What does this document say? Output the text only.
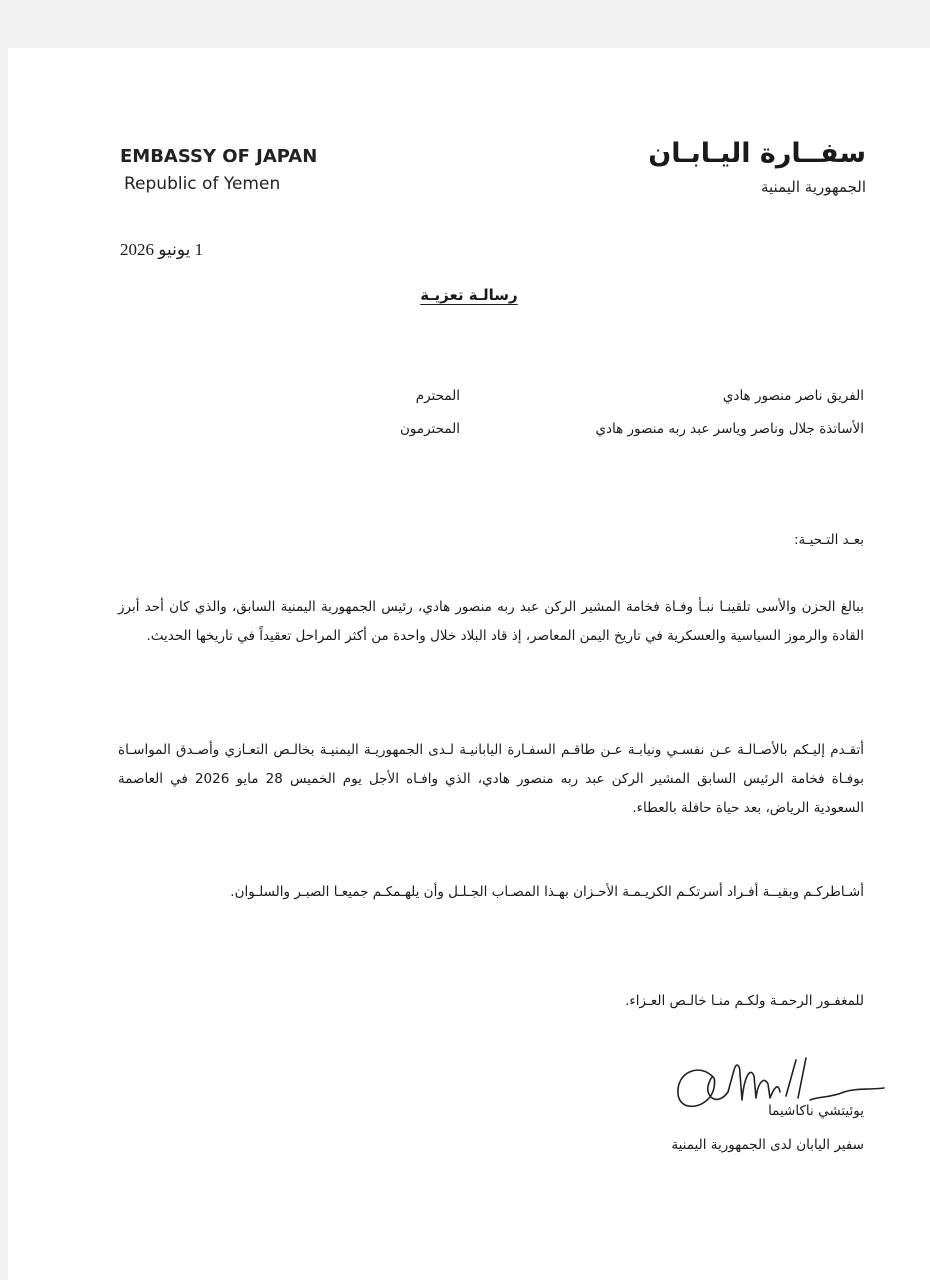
EMBASSY OF JAPAN
Republic of Yemen
سفــارة اليـابـان
الجمهورية اليمنية
1 يونيو 2026
رسالـة تعزيـة
الفريق ناصر منصور هادي
المحترم
الأساتذة جلال وناصر وياسر عبد ربه منصور هادي
المحترمون
بعـد التـحيـة:
ببالغ الحزن والأسى تلقينـا نبـأ وفـاة فخامة المشير الركن عبد ربه منصور هادي، رئيس الجمهورية اليمنية السابق، والذي كان أحد أبرز القادة والرموز السياسية والعسكرية في تاريخ اليمن المعاصر، إذ قاد البلاد خلال واحدة من أكثر المراحل تعقيداً في تاريخها الحديث.
أتقـدم إليـكم بالأصـالـة عـن نفسـي ونيابـة عـن طاقـم السفـارة اليابانيـة لـدى الجمهوريـة اليمنيـة بخالـص التعـازي وأصـدق المواسـاة بوفـاة فخامة الرئيس السابق المشير الركن عبد ربه منصور هادي، الذي وافـاه الأجل يوم الخميس 28 مايو 2026 في العاصمة السعودية الرياض، بعد حياة حافلة بالعطاء.
أشـاطركـم وبقيــة أفـراد أسرتكـم الكريـمـة الأحـزان بهـذا المصـاب الجـلـل وأن يلهـمكـم جميعـا الصبـر والسلـوان.
للمغفـور الرحمـة ولكـم منـا خالـص العـزاء.
يوئيتشي ناكاشيما
سفير اليابان لدى الجمهورية اليمنية
